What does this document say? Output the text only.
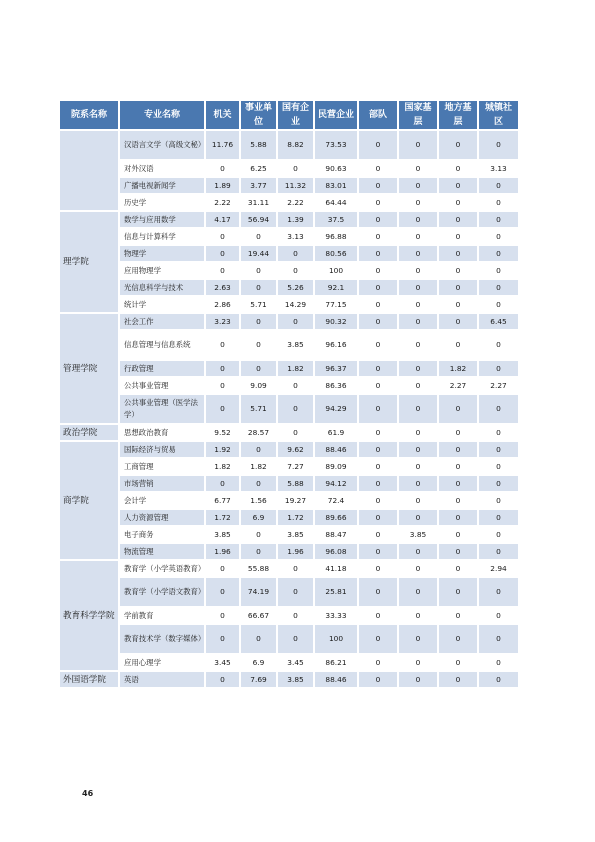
院系名称	专业名称	机关	事业单位	国有企业	民营企业	部队	国家基层	地方基层	城镇社区
	汉语言文学（高级文秘）	11.76	5.88	8.82	73.53	0	0	0	0
	对外汉语	0	6.25	0	90.63	0	0	0	3.13
	广播电视新闻学	1.89	3.77	11.32	83.01	0	0	0	0
	历史学	2.22	31.11	2.22	64.44	0	0	0	0
理学院	数学与应用数学	4.17	56.94	1.39	37.5	0	0	0	0
	信息与计算科学	0	0	3.13	96.88	0	0	0	0
	物理学	0	19.44	0	80.56	0	0	0	0
	应用物理学	0	0	0	100	0	0	0	0
	光信息科学与技术	2.63	0	5.26	92.1	0	0	0	0
	统计学	2.86	5.71	14.29	77.15	0	0	0	0
管理学院	社会工作	3.23	0	0	90.32	0	0	0	6.45
	信息管理与信息系统	0	0	3.85	96.16	0	0	0	0
	行政管理	0	0	1.82	96.37	0	0	1.82	0
	公共事业管理	0	9.09	0	86.36	0	0	2.27	2.27
	公共事业管理（医学法学）	0	5.71	0	94.29	0	0	0	0
政治学院	思想政治教育	9.52	28.57	0	61.9	0	0	0	0
商学院	国际经济与贸易	1.92	0	9.62	88.46	0	0	0	0
	工商管理	1.82	1.82	7.27	89.09	0	0	0	0
	市场营销	0	0	5.88	94.12	0	0	0	0
	会计学	6.77	1.56	19.27	72.4	0	0	0	0
	人力资源管理	1.72	6.9	1.72	89.66	0	0	0	0
	电子商务	3.85	0	3.85	88.47	0	3.85	0	0
	物流管理	1.96	0	1.96	96.08	0	0	0	0
教育科学学院	教育学（小学英语教育）	0	55.88	0	41.18	0	0	0	2.94
	教育学（小学语文教育）	0	74.19	0	25.81	0	0	0	0
	学前教育	0	66.67	0	33.33	0	0	0	0
	教育技术学（数字媒体）	0	0	0	100	0	0	0	0
	应用心理学	3.45	6.9	3.45	86.21	0	0	0	0
外国语学院	英语	0	7.69	3.85	88.46	0	0	0	0
46
